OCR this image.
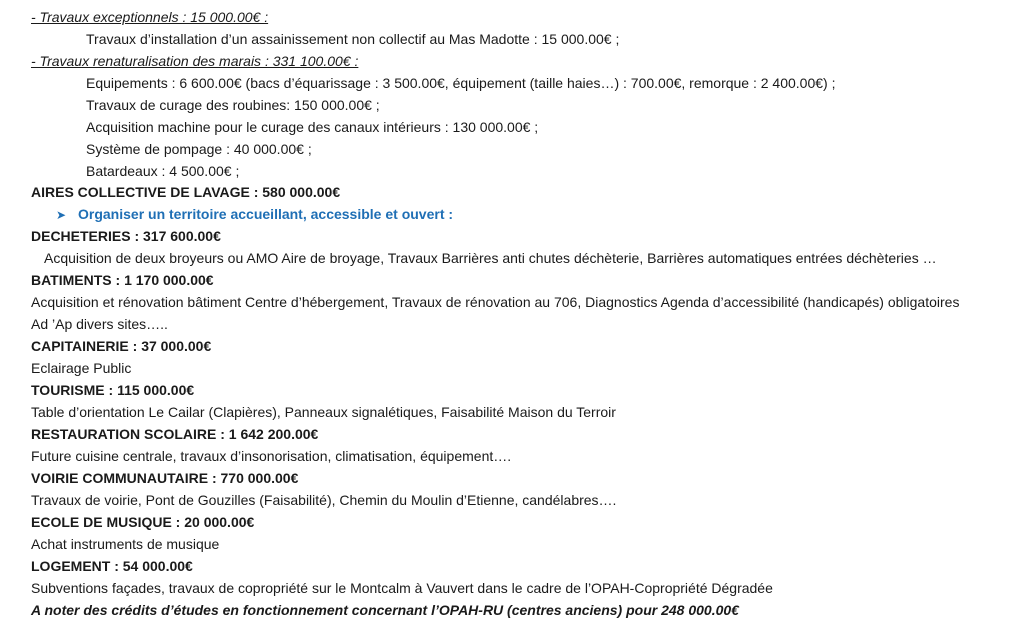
- Travaux exceptionnels : 15 000.00€ :
Travaux d’installation d’un assainissement non collectif au Mas Madotte : 15 000.00€ ;
- Travaux renaturalisation des marais : 331 100.00€ :
Equipements : 6 600.00€ (bacs d’équarissage : 3 500.00€, équipement (taille haies…) : 700.00€, remorque : 2 400.00€) ;
Travaux de curage des roubines: 150 000.00€ ;
Acquisition machine pour le curage des canaux intérieurs : 130 000.00€ ;
Système de pompage : 40 000.00€ ;
Batardeaux : 4 500.00€ ;
AIRES COLLECTIVE DE LAVAGE : 580 000.00€
➤ Organiser un territoire accueillant, accessible et ouvert :
DECHETERIES : 317 600.00€
Acquisition de deux broyeurs ou AMO Aire de broyage, Travaux Barrières anti chutes déchèterie, Barrières automatiques entrées déchèteries …
BATIMENTS : 1 170 000.00€
Acquisition et rénovation bâtiment Centre d’hébergement, Travaux de rénovation au 706, Diagnostics Agenda d’accessibilité (handicapés) obligatoires
Ad ’Ap divers sites…..
CAPITAINERIE : 37 000.00€
Eclairage Public
TOURISME : 115 000.00€
Table d’orientation Le Cailar (Clapières), Panneaux signalétiques, Faisabilité Maison du Terroir
RESTAURATION SCOLAIRE : 1 642 200.00€
Future cuisine centrale, travaux d’insonorisation, climatisation, équipement….
VOIRIE COMMUNAUTAIRE : 770 000.00€
Travaux de voirie, Pont de Gouzilles (Faisabilité), Chemin du Moulin d’Etienne, candélabres….
ECOLE DE MUSIQUE : 20 000.00€
Achat instruments de musique
LOGEMENT : 54 000.00€
Subventions façades, travaux de copropriété sur le Montcalm à Vauvert dans le cadre de l’OPAH-Copropriété Dégradée
A noter des crédits d’études en fonctionnement concernant l’OPAH-RU (centres anciens) pour 248 000.00€
